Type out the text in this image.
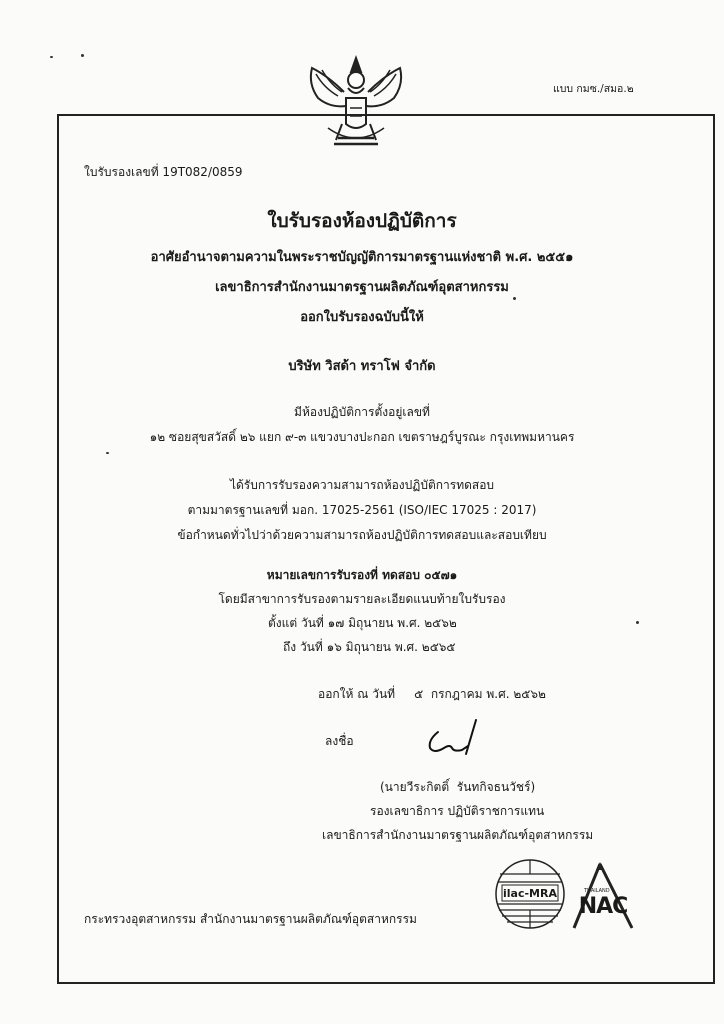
แบบ กมซ./สมอ.๒
ใบรับรองเลขที่ 19T082/0859
ใบรับรองห้องปฏิบัติการ
อาศัยอำนาจตามความในพระราชบัญญัติการมาตรฐานแห่งชาติ พ.ศ. ๒๕๕๑
เลขาธิการสำนักงานมาตรฐานผลิตภัณฑ์อุตสาหกรรม
ออกใบรับรองฉบับนี้ให้
บริษัท วิสด้า ทราโฟ จำกัด
มีห้องปฏิบัติการตั้งอยู่เลขที่
๑๒ ซอยสุขสวัสดิ์ ๒๖ แยก ๙-๓ แขวงบางปะกอก เขตราษฎร์บูรณะ กรุงเทพมหานคร
ได้รับการรับรองความสามารถห้องปฏิบัติการทดสอบ
ตามมาตรฐานเลขที่ มอก. 17025-2561 (ISO/IEC 17025 : 2017)
ข้อกำหนดทั่วไปว่าด้วยความสามารถห้องปฏิบัติการทดสอบและสอบเทียบ
หมายเลขการรับรองที่ ทดสอบ ๐๕๗๑
โดยมีสาขาการรับรองตามรายละเอียดแนบท้ายใบรับรอง
ตั้งแต่ วันที่ ๑๗ มิถุนายน พ.ศ. ๒๕๖๒
ถึง วันที่ ๑๖ มิถุนายน พ.ศ. ๒๕๖๕
ออกให้ ณ วันที่     ๕  กรกฎาคม พ.ศ. ๒๕๖๒
ลงชื่อ
(นายวีระกิตติ์  รันทกิจธนวัชร์)
รองเลขาธิการ ปฏิบัติราชการแทน
เลขาธิการสำนักงานมาตรฐานผลิตภัณฑ์อุตสาหกรรม
ilac-MRA
NAC
THAILAND
กระทรวงอุตสาหกรรม สำนักงานมาตรฐานผลิตภัณฑ์อุตสาหกรรม
